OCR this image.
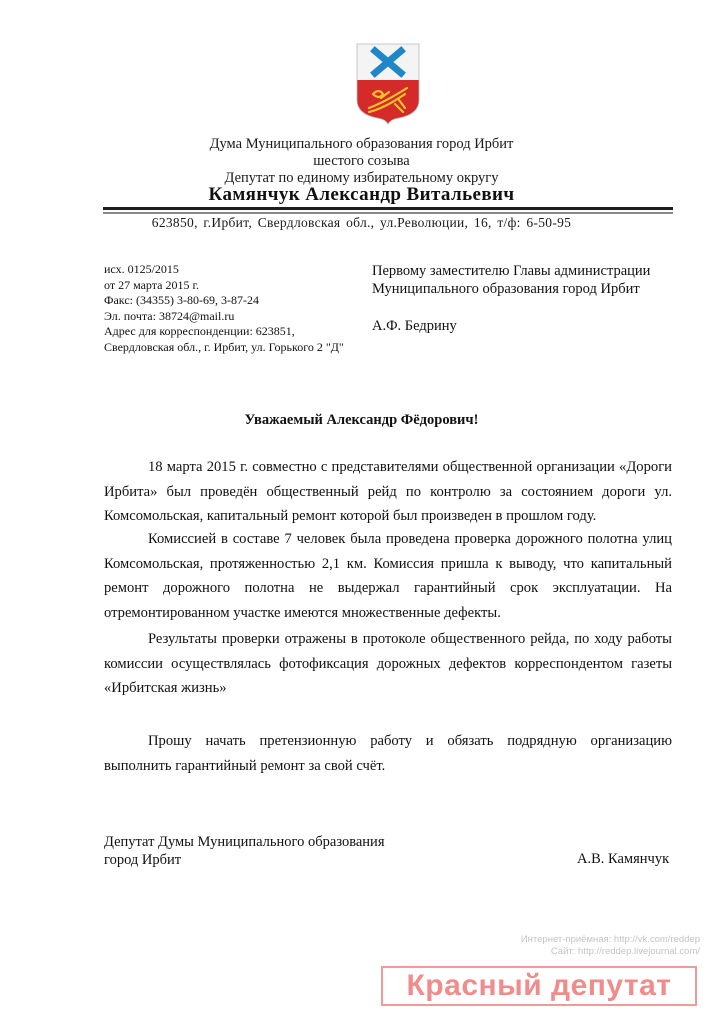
Дума Муниципального образования город Ирбит
шестого созыва
Депутат по единому избирательному округу
Камянчук Александр Витальевич
623850, г.Ирбит, Свердловская обл., ул.Революции, 16, т/ф: 6-50-95
исх. 0125/2015
от 27 марта 2015 г.
Факс: (34355) 3-80-69, 3-87-24
Эл. почта: 38724@mail.ru
Адрес для корреспонденции: 623851,
Свердловская обл., г. Ирбит, ул. Горького 2 "Д"
Первому заместителю Главы администрации
Муниципального образования город Ирбит
А.Ф. Бедрину
Уважаемый Александр Фёдорович!

18 марта 2015 г. совместно с представителями общественной организации «Дороги Ирбита» был проведён общественный рейд по контролю за состоянием дороги ул. Комсомольская, капитальный ремонт которой был произведен в прошлом году.

Комиссией в составе 7 человек была проведена проверка дорожного полотна улиц Комсомольская, протяженностью 2,1 км. Комиссия пришла к выводу, что капитальный ремонт дорожного полотна не выдержал гарантийный срок эксплуатации. На отремонтированном участке имеются множественные дефекты.

Результаты проверки отражены в протоколе общественного рейда, по ходу работы комиссии осуществлялась фотофиксация дорожных дефектов корреспондентом газеты «Ирбитская жизнь»

Прошу начать претензионную работу и обязать подрядную организацию выполнить гарантийный ремонт за свой счёт.

Депутат Думы Муниципального образования
город Ирбит	А.В. Камянчук
Интернет-приёмная: http://vk.com/reddep
Сайт: http://reddep.livejournal.com/
Красный депутат
